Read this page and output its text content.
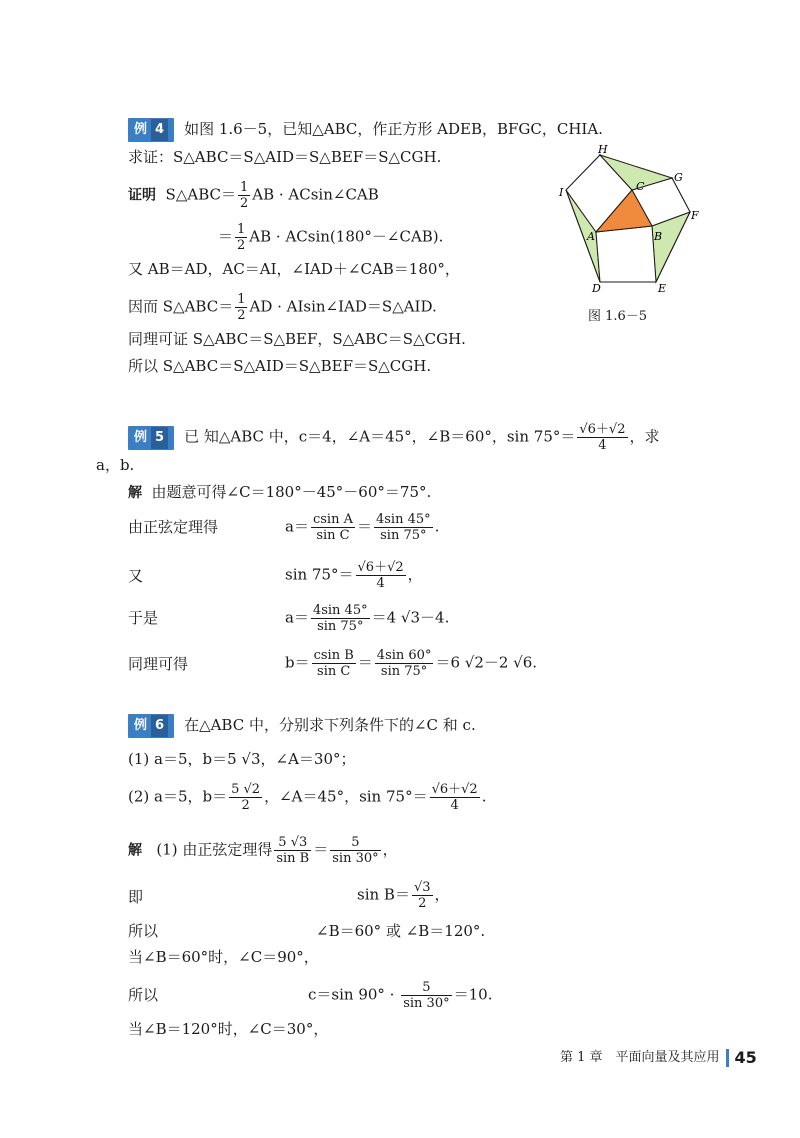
例 4 如图 1.6－5，已知△ABC，作正方形 ADEB，BFGC，CHIA.
求证：S△ABC＝S△AID＝S△BEF＝S△CGH.
证明 S△ABC＝ $\frac{1}{2}$ AB · ACsin∠CAB
＝ $\frac{1}{2}$ AB · ACsin(180°－∠CAB).
又 AB＝AD，AC＝AI，∠IAD＋∠CAB＝180°，
因而 S△ABC＝ $\frac{1}{2}$ AD · AIsin∠IAD＝S△AID.
同理可证 S△ABC＝S△BEF，S△ABC＝S△CGH.
所以 S△ABC＝S△AID＝S△BEF＝S△CGH.
H
G
C
I
F
A	B
D	E
图 1.6－5
例 5 已 知△ABC 中，c＝4，∠A＝45°，∠B＝60°，$\sin 75^\circ= \frac{√6+√2}{4}$ ，求
a，b.
解 由题意可得∠C＝180°－45°－60°＝75°.
由正弦定理得	$a= \frac{\text{csin A}}{\text{sin C}} = \frac{4\sin 45^\circ}{\sin 75^\circ}$ .
又	$\sin 75^\circ= \frac{√6+√2}{4}$ ，
于是	$a= \frac{4\sin 45^\circ}{\sin 75^\circ} =4$ √3－4.
同理可得	$b= \frac{\text{csin B}}{\text{sin C}} = \frac{4\sin 60^\circ}{\sin 75^\circ} =6$ √2－2 √6.
例 6 在△ABC 中，分别求下列条件下的∠C 和 c.
(1) a＝5，b＝5 √3，∠A＝30°；
(2) a＝5，$b= \frac{5 √2}{2}$ ，∠A＝45°，$\sin 75^\circ= \frac{√6+√2}{4}$ .
解 (1) 由正弦定理得 $\frac{5 √3}{\text{sin B}} = \frac{5}{\sin 30^\circ}$ ，
即	$\sin B= \frac{√3}{2}$ ，
所以	∠B＝60° 或 ∠B＝120°.
当∠B＝60°时，∠C＝90°，
所以	c＝sin $90^\circ \cdot \frac{5}{\sin 30^\circ} =10$.
当∠B＝120°时，∠C＝30°，
第 1 章　平面向量及其应用 45
